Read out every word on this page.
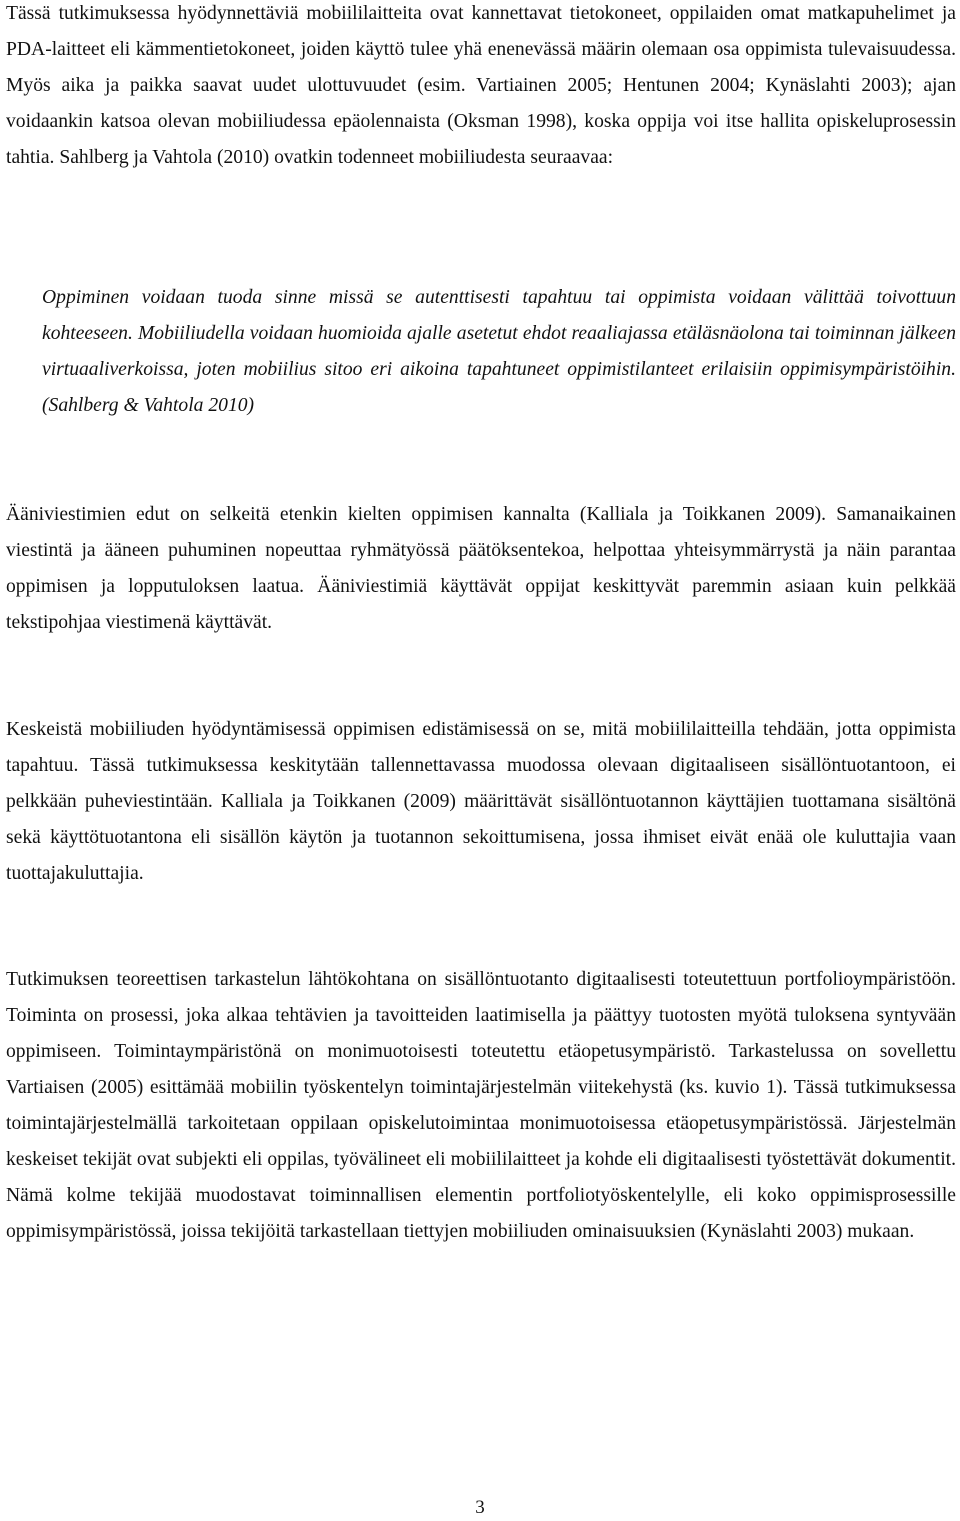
Tässä tutkimuksessa hyödynnettäviä mobiililaitteita ovat kannettavat tietokoneet, oppilaiden omat matkapuhelimet ja PDA-laitteet eli kämmentietokoneet, joiden käyttö tulee yhä enenevässä määrin olemaan osa oppimista tulevaisuudessa. Myös aika ja paikka saavat uudet ulottuvuudet (esim. Vartiainen 2005; Hentunen 2004; Kynäslahti 2003); ajan voidaankin katsoa olevan mobiiliudessa epäolennaista (Oksman 1998), koska oppija voi itse hallita opiskeluprosessin tahtia. Sahlberg ja Vahtola (2010) ovatkin todenneet mobiiliudesta seuraavaa:

Oppiminen voidaan tuoda sinne missä se autenttisesti tapahtuu tai oppimista voidaan välittää toivottuun kohteeseen. Mobiiliudella voidaan huomioida ajalle asetetut ehdot reaaliajassa etäläsnäolona tai toiminnan jälkeen virtuaaliverkoissa, joten mobiilius sitoo eri aikoina tapahtuneet oppimistilanteet erilaisiin oppimisympäristöihin. (Sahlberg & Vahtola 2010)

Ääniviestimien edut on selkeitä etenkin kielten oppimisen kannalta (Kalliala ja Toikkanen 2009). Samanaikainen viestintä ja ääneen puhuminen nopeuttaa ryhmätyössä päätöksentekoa, helpottaa yhteisymmärrystä ja näin parantaa oppimisen ja lopputuloksen laatua. Ääniviestimiä käyttävät oppijat keskittyvät paremmin asiaan kuin pelkkää tekstipohjaa viestimenä käyttävät.

Keskeistä mobiiliuden hyödyntämisessä oppimisen edistämisessä on se, mitä mobiililaitteilla tehdään, jotta oppimista tapahtuu. Tässä tutkimuksessa keskitytään tallennettavassa muodossa olevaan digitaaliseen sisällöntuotantoon, ei pelkkään puheviestintään. Kalliala ja Toikkanen (2009) määrittävät sisällöntuotannon käyttäjien tuottamana sisältönä sekä käyttötuotantona eli sisällön käytön ja tuotannon sekoittumisena, jossa ihmiset eivät enää ole kuluttajia vaan tuottajakuluttajia.

Tutkimuksen teoreettisen tarkastelun lähtökohtana on sisällöntuotanto digitaalisesti toteutettuun portfolioympäristöön. Toiminta on prosessi, joka alkaa tehtävien ja tavoitteiden laatimisella ja päättyy tuotosten myötä tuloksena syntyvään oppimiseen. Toimintaympäristönä on monimuotoisesti toteutettu etäopetusympäristö. Tarkastelussa on sovellettu Vartiaisen (2005) esittämää mobiilin työskentelyn toimintajärjestelmän viitekehystä (ks. kuvio 1). Tässä tutkimuksessa toimintajärjestelmällä tarkoitetaan oppilaan opiskelutoimintaa monimuotoisessa etäopetusympäristössä. Järjestelmän keskeiset tekijät ovat subjekti eli oppilas, työvälineet eli mobiililaitteet ja kohde eli digitaalisesti työstettävät dokumentit. Nämä kolme tekijää muodostavat toiminnallisen elementin portfoliotyöskentelylle, eli koko oppimisprosessille oppimisympäristössä, joissa tekijöitä tarkastellaan tiettyjen mobiiliuden ominaisuuksien (Kynäslahti 2003) mukaan.

3
